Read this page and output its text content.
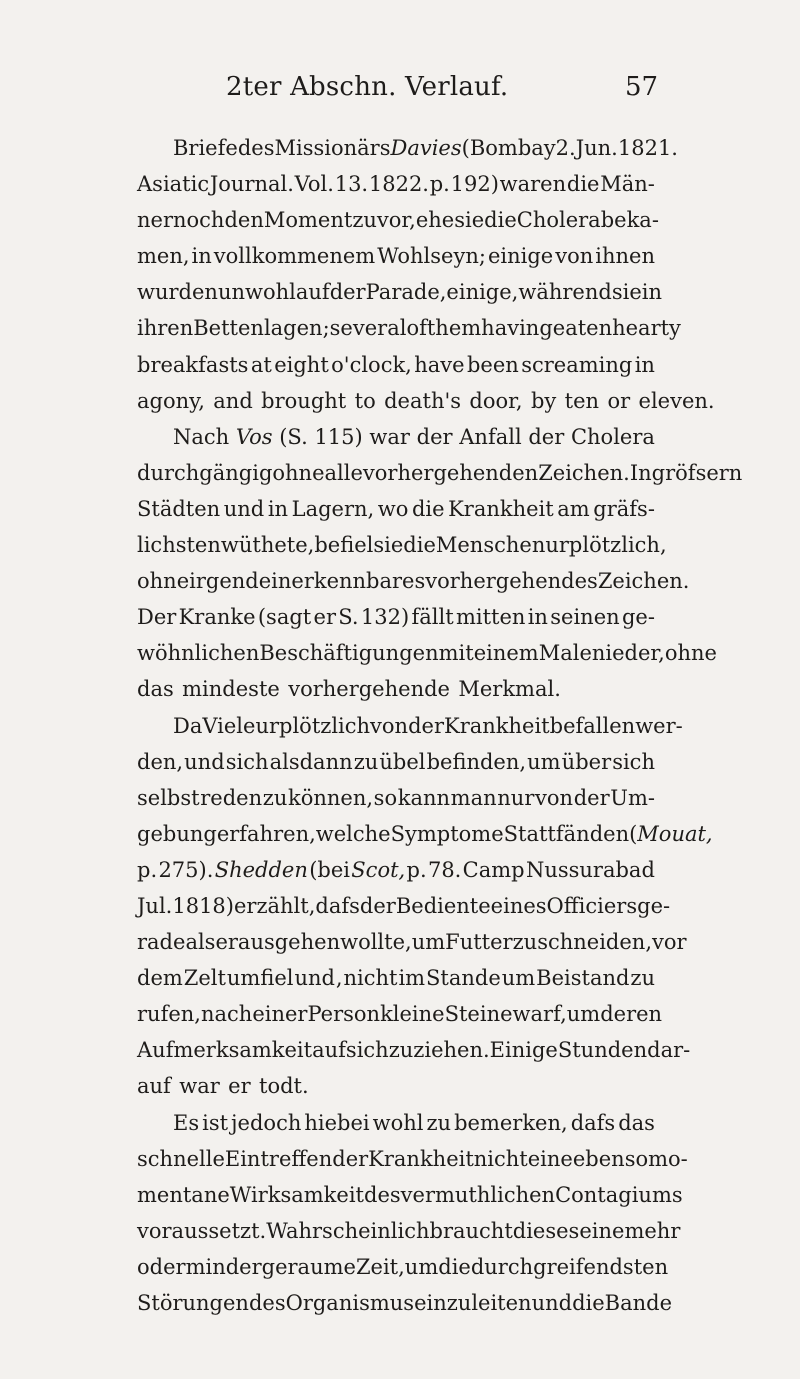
2ter Abschn. Verlauf.	57
Briefe des Missionärs Davies (Bombay 2. Jun. 1821.
Asiatic Journal. Vol. 13. 1822. p. 192) waren die Män-
ner noch den Moment zuvor, ehe sie die Cholera beka-
men, in vollkommenem Wohlseyn; einige von ihnen
wurden unwohl auf der Parade, einige, während sie in
ihren Betten lagen; several of them having eaten hearty
breakfasts at eight o'clock, have been screaming in
agony, and brought to death's door, by ten or eleven.
Nach Vos (S. 115) war der Anfall der Cholera
durchgängig ohne alle vorhergehenden Zeichen. In gröfsern
Städten und in Lagern, wo die Krankheit am gräfs-
lichsten wüthete, befiel sie die Menschen urplötzlich,
ohne irgend ein erkennbares vorhergehendes Zeichen.
Der Kranke (sagt er S. 132) fällt mitten in seinen ge-
wöhnlichen Beschäftigungen mit einem Male nieder, ohne
das mindeste vorhergehende Merkmal.
Da Viele urplötzlich von der Krankheit befallen wer-
den, und sich alsdann zu übel befinden, um über sich
selbst reden zu können, so kann man nur von der Um-
gebung erfahren, welche Symptome Statt fänden ( Mouat,
p. 275). Shedden (bei Scot, p. 78. Camp Nussurabad
Jul. 1818) erzählt, dafs der Bediente eines Officiers ge-
rade als er ausgehen wollte, um Futter zu schneiden, vor
dem Zelt umfiel und , nicht im Stande um Beistand zu
rufen, nach einer Person kleine Steine warf, um deren
Aufmerksamkeit auf sich zu ziehen. Einige Stunden dar-
auf war er todt.
Es ist jedoch hiebei wohl zu bemerken, dafs das
schnelle Eintreffen der Krankheit nicht eine eben so mo-
mentane Wirksamkeit des vermuthlichen Contagiums
voraussetzt. Wahrscheinlich braucht dieses eine mehr
oder minder geraume Zeit, um die durchgreifendsten
Störungen des Organismus einzuleiten und die Bande
